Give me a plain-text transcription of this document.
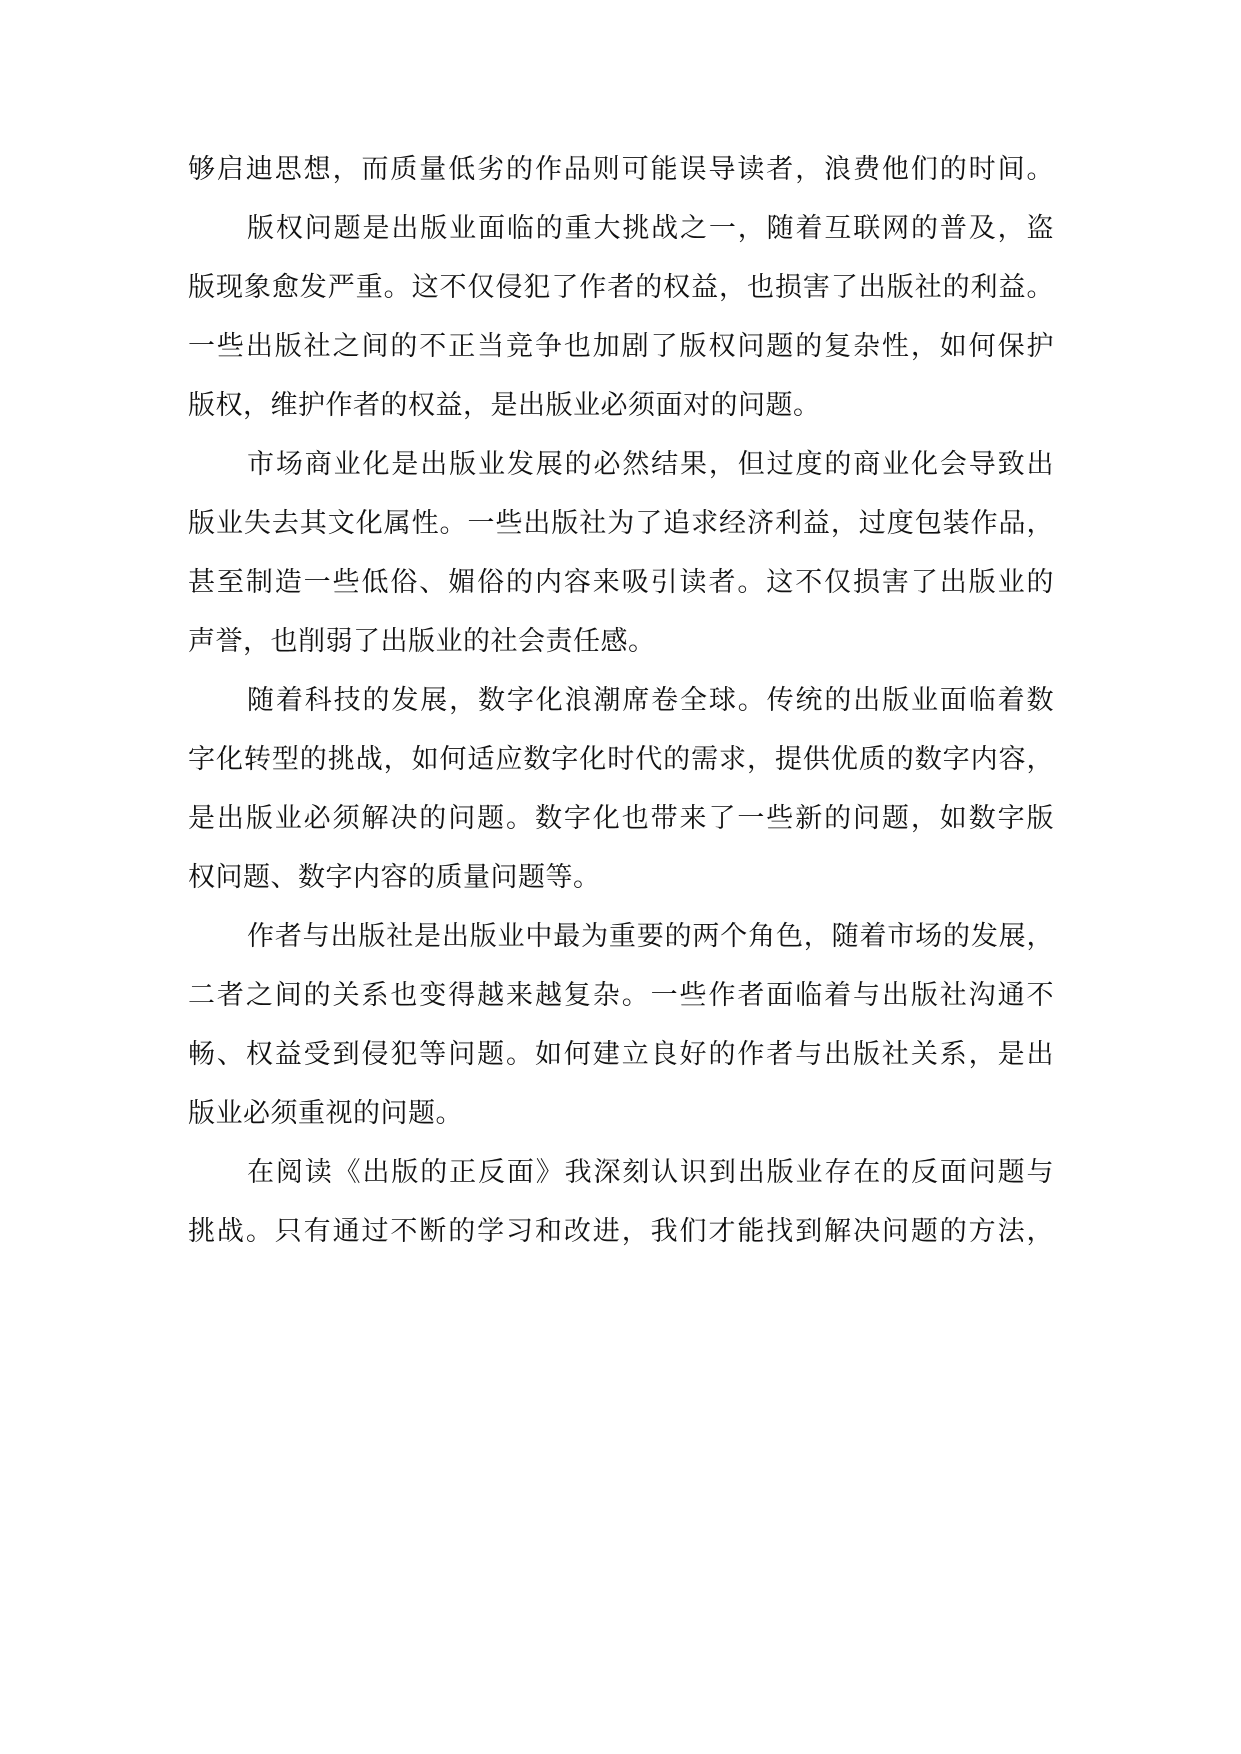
够启迪思想，而质量低劣的作品则可能误导读者，浪费他们的时间。
版权问题是出版业面临的重大挑战之一，随着互联网的普及，盗
版现象愈发严重。这不仅侵犯了作者的权益，也损害了出版社的利益。
一些出版社之间的不正当竞争也加剧了版权问题的复杂性，如何保护
版权，维护作者的权益，是出版业必须面对的问题。
市场商业化是出版业发展的必然结果，但过度的商业化会导致出
版业失去其文化属性。一些出版社为了追求经济利益，过度包装作品，
甚至制造一些低俗、媚俗的内容来吸引读者。这不仅损害了出版业的
声誉，也削弱了出版业的社会责任感。
随着科技的发展，数字化浪潮席卷全球。传统的出版业面临着数
字化转型的挑战，如何适应数字化时代的需求，提供优质的数字内容，
是出版业必须解决的问题。数字化也带来了一些新的问题，如数字版
权问题、数字内容的质量问题等。
作者与出版社是出版业中最为重要的两个角色，随着市场的发展，
二者之间的关系也变得越来越复杂。一些作者面临着与出版社沟通不
畅、权益受到侵犯等问题。如何建立良好的作者与出版社关系，是出
版业必须重视的问题。
在阅读《出版的正反面》我深刻认识到出版业存在的反面问题与
挑战。只有通过不断的学习和改进，我们才能找到解决问题的方法，
